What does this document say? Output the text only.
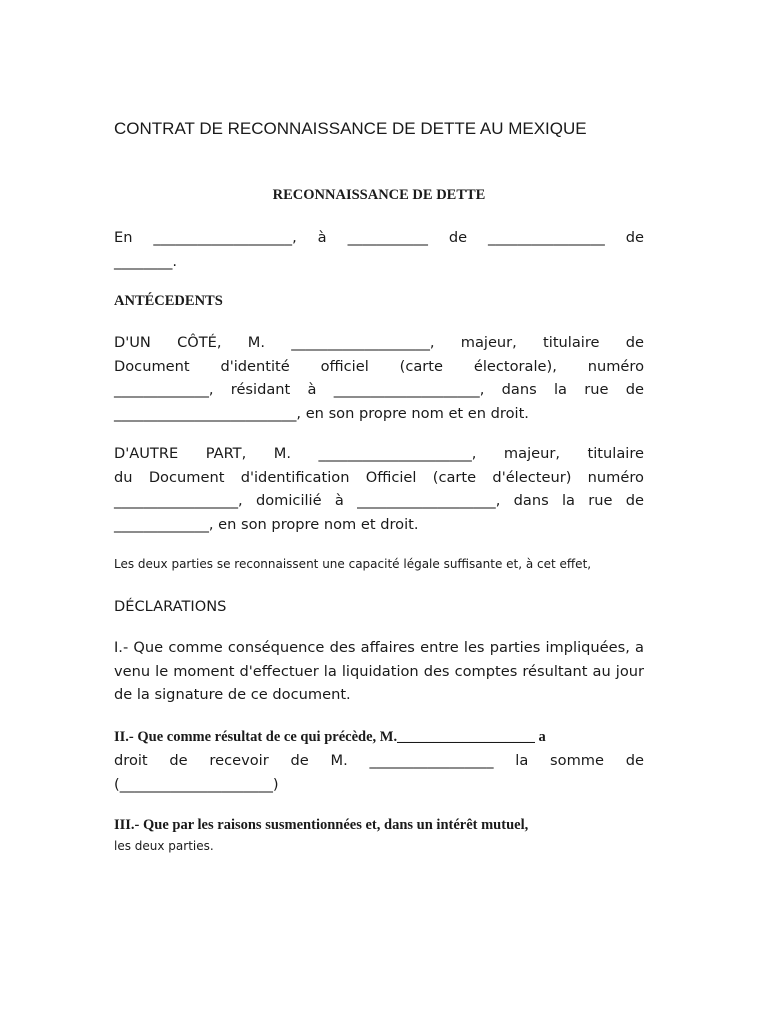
CONTRAT DE RECONNAISSANCE DE DETTE AU MEXIQUE
RECONNAISSANCE DE DETTE
En ___________________, à ___________ de ________________ de
________.
ANTÉCEDENTS
D'UN CÔTÉ, M. ___________________, majeur, titulaire de
Document d'identité officiel (carte électorale), numéro
_____________, résidant à ____________________, dans la rue de
_________________________, en son propre nom et en droit.
D'AUTRE PART, M. _____________________, majeur, titulaire
du Document d'identification Officiel (carte d'électeur) numéro
_________________, domicilié à ___________________, dans la rue de
_____________, en son propre nom et droit.
Les deux parties se reconnaissent une capacité légale suffisante et, à cet effet,
DÉCLARATIONS
I.- Que comme conséquence des affaires entre les parties impliquées, a
venu le moment d'effectuer la liquidation des comptes résultant au jour
de la signature de ce document.
II.- Que comme résultat de ce qui précède, M.___________________ a
droit de recevoir de M. _________________ la somme de
(_____________________)
III.- Que par les raisons susmentionnées et, dans un intérêt mutuel,
les deux parties.
